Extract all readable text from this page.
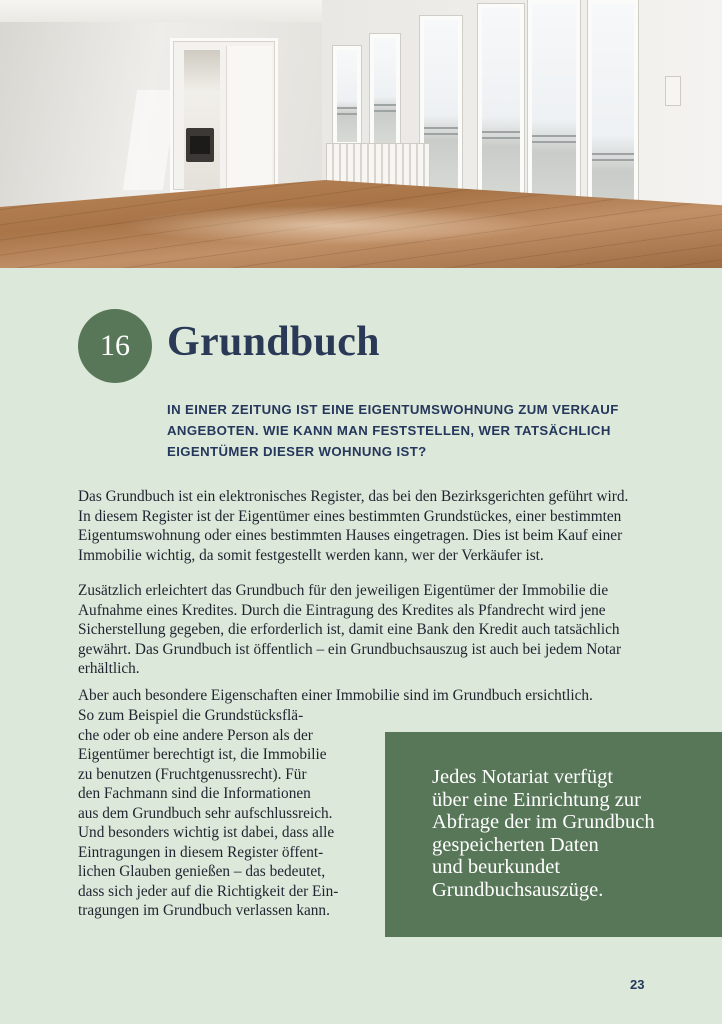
16 Grundbuch
IN EINER ZEITUNG IST EINE EIGENTUMSWOHNUNG ZUM VERKAUF
ANGEBOTEN. WIE KANN MAN FESTSTELLEN, WER TATSÄCHLICH
EIGENTÜMER DIESER WOHNUNG IST?
Das Grundbuch ist ein elektronisches Register, das bei den Bezirksgerichten geführt wird.
In diesem Register ist der Eigentümer eines bestimmten Grundstückes, einer bestimmten
Eigentumswohnung oder eines bestimmten Hauses eingetragen. Dies ist beim Kauf einer
Immobilie wichtig, da somit festgestellt werden kann, wer der Verkäufer ist.
Zusätzlich erleichtert das Grundbuch für den jeweiligen Eigentümer der Immobilie die
Aufnahme eines Kredites. Durch die Eintragung des Kredites als Pfandrecht wird jene
Sicherstellung gegeben, die erforderlich ist, damit eine Bank den Kredit auch tatsächlich
gewährt. Das Grundbuch ist öffentlich – ein Grundbuchsauszug ist auch bei jedem Notar
erhältlich.
Aber auch besondere Eigenschaften einer Immobilie sind im Grundbuch ersichtlich.
So zum Beispiel die Grundstücksflä-
che oder ob eine andere Person als der
Eigentümer berechtigt ist, die Immobilie
zu benutzen (Fruchtgenussrecht). Für
den Fachmann sind die Informationen
aus dem Grundbuch sehr aufschlussreich.
Und besonders wichtig ist dabei, dass alle
Eintragungen in diesem Register öffent-
lichen Glauben genießen – das bedeutet,
dass sich jeder auf die Richtigkeit der Ein-
tragungen im Grundbuch verlassen kann.
Jedes Notariat verfügt
über eine Einrichtung zur
Abfrage der im Grundbuch
gespeicherten Daten
und beurkundet
Grundbuchsauszüge.
23
